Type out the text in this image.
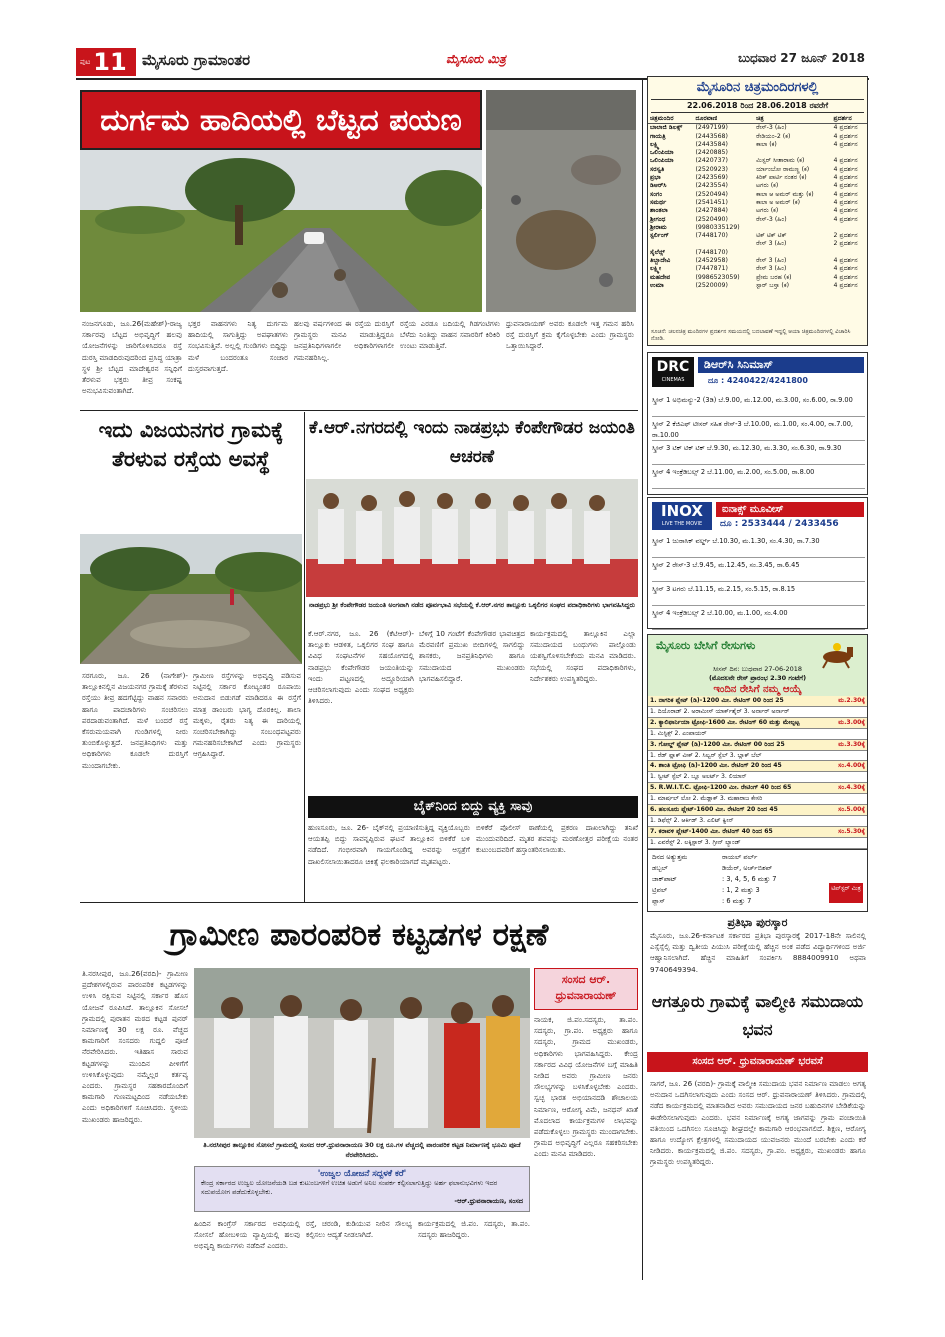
ಪುಟ 11 ಮೈಸೂರು ಗ್ರಾಮಾಂತರ	ಮೈಸೂರು ಮಿತ್ರ	ಬುಧವಾರ 27 ಜೂನ್ 2018
ದುರ್ಗಮ ಹಾದಿಯಲ್ಲಿ ಬೆಟ್ಟದ ಪಯಣ
ನಂಜನಗೂಡು, ಜೂ.26(ಮಹೇಶ್)-ರಾಜ್ಯ ಸರ್ಕಾರವು ಬೆಟ್ಟದ ಅಭಿವೃದ್ಧಿಗೆ ಹಲವು ಯೋಜನೆಗಳನ್ನು ಜಾರಿಗೊಳಿಸಿದರೂ ರಸ್ತೆ ದುರಸ್ತಿ ಮಾಡದಿರುವುದರಿಂದ ಪ್ರಸಿದ್ಧ ಯಾತ್ರಾ ಸ್ಥಳ ಶ್ರೀ ಬೆಟ್ಟದ ಮಾದೇಶ್ವರನ ಸನ್ನಿಧಿಗೆ ತೆರಳುವ ಭಕ್ತರು ತೀವ್ರ ಸಂಕಷ್ಟ ಅನುಭವಿಸುವಂತಾಗಿದೆ.
ಭಕ್ತರ ವಾಹನಗಳು ನಿತ್ಯ ದುರ್ಗಮ ಹಾದಿಯಲ್ಲಿ ಸಾಗುತ್ತಿದ್ದು ಅಪಘಾತಗಳು ಸಂಭವಿಸುತ್ತಿವೆ. ಅಲ್ಲಲ್ಲಿ ಗುಂಡಿಗಳು ಬಿದ್ದಿದ್ದು ಮಳೆ ಬಂದರಂತೂ ಸಂಚಾರ ದುಸ್ತರವಾಗುತ್ತದೆ.
ಹಲವು ವರ್ಷಗಳಿಂದ ಈ ರಸ್ತೆಯ ದುರಸ್ತಿಗೆ ಗ್ರಾಮಸ್ಥರು ಮನವಿ ಮಾಡುತ್ತಿದ್ದರೂ ಜನಪ್ರತಿನಿಧಿಗಳಾಗಲೀ ಅಧಿಕಾರಿಗಳಾಗಲೀ ಗಮನಹರಿಸಿಲ್ಲ.
ರಸ್ತೆಯ ಎರಡೂ ಬದಿಯಲ್ಲಿ ಗಿಡಗಂಟಿಗಳು ಬೆಳೆದು ನಿಂತಿದ್ದು ವಾಹನ ಸವಾರರಿಗೆ ಕಿರಿಕಿರಿ ಉಂಟು ಮಾಡುತ್ತಿವೆ.
ಧ್ರುವನಾರಾಯಣ್ ಅವರು ಕೂಡಲೇ ಇತ್ತ ಗಮನ ಹರಿಸಿ ರಸ್ತೆ ದುರಸ್ತಿಗೆ ಕ್ರಮ ಕೈಗೊಳ್ಳಬೇಕು ಎಂದು ಗ್ರಾಮಸ್ಥರು ಒತ್ತಾಯಿಸಿದ್ದಾರೆ.
ಮೈಸೂರಿನ ಚಿತ್ರಮಂದಿರಗಳಲ್ಲಿ
22.06.2018 ರಿಂದ 28.06.2018 ರವರೆಗೆ
ಚಿತ್ರಮಂದಿರ	ದೂರವಾಣಿ	ಚಿತ್ರ	ಪ್ರದರ್ಶನ
ಬಾಲಾಜಿ ಡಿಲಕ್ಸ್	(2497199)	ರೇಸ್-3 (ಹಿಂ)	4 ಪ್ರದರ್ಶನ
ಗಾಯತ್ರಿ	(2443568)	ರೇಡಿಯಂ-2 (ಕ)	4 ಪ್ರದರ್ಶನ
ಲಕ್ಷ್ಮಿ	(2443584)	ಕಾಲಾ (ಕ)	4 ಪ್ರದರ್ಶನ
ಒಲಿಂಪಿಯಾ	(2420885)		
ಒಲಿಂಪಿಯಾ	(2420737)	ಮಿಸ್ಟರ್ ಸೀತಾರಾಮ (ಕ)	4 ಪ್ರದರ್ಶನ
ಸರಸ್ವತಿ	(2520923)	ರ್ಯಾಂಬೋ ರಾಮಣ್ಣ (ಕ)	4 ಪ್ರದರ್ಶನ
ಪ್ರಭಾ	(2423569)	ಕಿರಿಕ್ ಪಾರ್ಟಿ ನಂತರ (ಕ)	4 ಪ್ರದರ್ಶನ
ಡಿಆರ್‌ಸಿ	(2423554)	ಟಗರು (ಕ)	4 ಪ್ರದರ್ಶನ
ಸಂಗಂ	(2520494)	ಕಾಲಾ ಆ ಅಮರ್ ಮತ್ತು (ಕ)	4 ಪ್ರದರ್ಶನ
ಸಮರ್ಥ	(2541451)	ಕಾಲಾ ಅ ಅಮರ್ (ಕ)	4 ಪ್ರದರ್ಶನ
ಶಾಂತಲಾ	(2427884)	ಟಗರು (ಕ)	4 ಪ್ರದರ್ಶನ
ಶ್ರೀಗಂಧ	(2520490)	ರೇಸ್-3 (ಹಿಂ)	4 ಪ್ರದರ್ಶನ
ಶ್ರೀರಾಮ	(9980335129)		
ಸ್ಟರ್ಲಿಂಗ್	(7448170)	ಟಿಕ್ ಟಿಕ್ ಟಿಕ್	2 ಪ್ರದರ್ಶನ
		ರೇಸ್ 3 (ಹಿಂ)	2 ಪ್ರದರ್ಶನ
ಸೈಲೆನ್ಸ್	(7448170)		
ತಿಬ್ಬಾದೇವಿ	(2452958)	ರೇಸ್ 3 (ಹಿಂ)	4 ಪ್ರದರ್ಶನ
ಲಕ್ಷ್ಮೀ	(7447871)	ರೇಸ್ 3 (ಹಿಂ)	4 ಪ್ರದರ್ಶನ
ಮಹದೇವ	(9986523059)	ಪ್ರೇಮ ಬರಹ (ಕ)	4 ಪ್ರದರ್ಶನ
ಉಮಾ	(2520009)	ಸ್ಟಾರ್ ಬಸ್ತಾ (ಕ)	4 ಪ್ರದರ್ಶನ
ಸೂಚನೆ: ಚಲನಚಿತ್ರ ಮಂದಿರಗಳ ಪ್ರದರ್ಶನ ಸಮಯದಲ್ಲಿ ಬದಲಾವಣೆ ಇದ್ದಲ್ಲಿ ಆಯಾ ಚಿತ್ರಮಂದಿರಗಳಲ್ಲಿ ವಿಚಾರಿಸಿ ನೋಡಿ.
DRC
CINEMAS
ಡಿಆರ್‌ಸಿ ಸಿನಿಮಾಸ್
ದೂ : 4240422/4241800
ಸ್ಕ್ರೀನ್ 1 ಅಭಿಮನ್ಯು-2 (3ಡಿ) ಬೆ.9.00, ಮ.12.00, ಮ.3.00, ಸಂ.6.00, ರಾ.9.00
ಸ್ಕ್ರೀನ್ 2 ಕೆಜಿಎಫ್ ಟೀಸರ್ ಸಹಿತ ರೇಸ್-3 ಬೆ.10.00, ಮ.1.00, ಸಂ.4.00, ರಾ.7.00, ರಾ.10.00
ಸ್ಕ್ರೀನ್ 3 ಟಿಕ್ ಟಿಕ್ ಟಿಕ್ ಬೆ.9.30, ಮ.12.30, ಮ.3.30, ಸಂ.6.30, ರಾ.9.30
ಸ್ಕ್ರೀನ್ 4 ಇಂಕ್ರೆಡಿಬಲ್ಸ್ 2 ಬೆ.11.00, ಮ.2.00, ಸಂ.5.00, ರಾ.8.00
INOX
LIVE THE MOVIE
ಐನಾಕ್ಸ್ ಮೂವೀಸ್
ದೂ : 2533444 / 2433456
ಸ್ಕ್ರೀನ್ 1 ಜುರಾಸಿಕ್ ವರ್ಲ್ಡ್ ಬೆ.10.30, ಮ.1.30, ಸಂ.4.30, ರಾ.7.30
ಸ್ಕ್ರೀನ್ 2 ರೇಸ್-3 ಬೆ.9.45, ಮ.12.45, ಸಂ.3.45, ರಾ.6.45
ಸ್ಕ್ರೀನ್ 3 ಟಗರು ಬೆ.11.15, ಮ.2.15, ಸಂ.5.15, ರಾ.8.15
ಸ್ಕ್ರೀನ್ 4 ಇಂಕ್ರೆಡಿಬಲ್ಸ್ 2 ಬೆ.10.00, ಮ.1.00, ಸಂ.4.00
ಮೈಸೂರು ಬೇಸಿಗೆ ರೇಸುಗಳು
ಸೀಸನ್ ದಿನ: ಬುಧವಾರ 27-06-2018
(ಮೊದಲನೇ ರೇಸ್ ಪ್ರಾರಂಭ 2.30 ಗಂಟೆಗೆ)
ಇಂದಿನ ರೇಸಿಗೆ ನಮ್ಮ ಆಯ್ಕೆ
1. ನಾಗರಿಕ ಪ್ಲೇಟ್ (ಡಿ)-1200 ಮೀ. ರೇಟಿಂಗ್ 00 ರಿಂದ 25	ಮ.2.30ಕ್ಕೆ
1. ದಿಯೊರಾಡ್ 2. ಅರಾಮೀಸ್ ಯಾರ್ಕ್‌ಶೈರ್ 3. ಅರ್ನಾರ್ ಅರ್ನಾರ್	
2. ಕ್ಯಾಲಿಫಾರ್ನಿಯಾ ಟ್ರೋಫಿ-1600 ಮೀ. ರೇಟಿಂಗ್ 60 ಮತ್ತು ಮೇಲ್ಪಟ್ಟ	ಮ.3.00ಕ್ಕೆ
1. ಮಿಸ್ಟಿಕ್ಸ್ 2. ಎಂಪಾಯರ್	
3. ಗೋಲ್ಡ್ ಪ್ಲೇಟ್ (ಡಿ)-1200 ಮೀ. ರೇಟಿಂಗ್ 00 ರಿಂದ 25	ಮ.3.30ಕ್ಕೆ
1. ರೆಡ್ ಫ್ಲಾಕ್ ವೀಕ್ 2. ಸಿಲ್ವರ್ ಸ್ಪೆಲ್ 3. ಬ್ಲಾಕ್ ಬೆಲ್	
4. ಶಾಂತಿ ಟ್ರೋಫಿ (ಡಿ)-1200 ಮೀ. ರೇಟಿಂಗ್ 20 ರಿಂದ 45	ಸಂ.4.00ಕ್ಕೆ
1. ಸ್ವೀಟ್ ಸ್ಪೆಲ್ 2. ಬ್ಲೂ ಅಲರ್ಟ್ 3. ಲಿಯಾನ್	
5. R.W.I.T.C. ಟ್ರೋಫಿ-1200 ಮೀ. ರೇಟಿಂಗ್ 40 ರಿಂದ 65	ಸಂ.4.30ಕ್ಕೆ
1. ಮಾರ್ಷಲ್ ಲೋ 2. ಮೆಡ್ಲಾಕ್ 3. ಮಹಾರಾಜ ಕೇಸರಿ	
6. ಹಲಸೂರು ಪ್ಲೇಟ್-1600 ಮೀ. ರೇಟಿಂಗ್ 20 ರಿಂದ 45	ಸಂ.5.00ಕ್ಕೆ
1. ಡಿಫೆನ್ಸ್ 2. ಆರ್ಕಿಡ್ 3. ಎಲಿಟ್ ಕ್ವೀನ್	
7. ಕರಾವಳಿ ಪ್ಲೇಟ್-1400 ಮೀ. ರೇಟಿಂಗ್ 40 ರಿಂದ 65	ಸಂ.5.30ಕ್ಕೆ
1. ಎವರೆಸ್ಟ್ 2. ಲಕ್ಕಿಸ್ಟಾರ್ 3. ಗ್ರೀನ್ ಲ್ಯಾಂಡ್	
ದಿನದ ಅತ್ಯುತ್ತಮ	ರಾಯಲ್ ಪರ್ಲ್
ಡಬ್ಬಲ್	ಡಿಯೆರ್, ಅರ್ಚ್‌ಬಿಶಪ್
ಜಾಕ್‌ಪಾಟ್	: 3, 4, 5, 6 ಮತ್ತು 7
ಟ್ರಿಪಲ್	: 1, 2 ಮತ್ತು 3
ಪ್ಲಾಸ್	: 6 ಮತ್ತು 7
ಟಿಪ್‌ಸ್ಟರ್ ಮಿತ್ರ
ಇದು ವಿಜಯನಗರ ಗ್ರಾಮಕ್ಕೆ ತೆರಳುವ ರಸ್ತೆಯ ಅವಸ್ಥೆ
ಸರಗೂರು, ಜೂ. 26 (ನಾಗೇಶ್)- ತಾಲ್ಲೂಕಿನಲ್ಲಿನ ವಿಜಯನಗರ ಗ್ರಾಮಕ್ಕೆ ತೆರಳುವ ರಸ್ತೆಯು ತೀವ್ರ ಹದಗೆಟ್ಟಿದ್ದು ವಾಹನ ಸವಾರರು ಹಾಗೂ ಪಾದಚಾರಿಗಳು ಸಂಚರಿಸಲು ಪರದಾಡುವಂತಾಗಿದೆ. ಮಳೆ ಬಂದರೆ ರಸ್ತೆ ಕೆಸರುಮಯವಾಗಿ ಗುಂಡಿಗಳಲ್ಲಿ ನೀರು ತುಂಬಿಕೊಳ್ಳುತ್ತದೆ. ಜನಪ್ರತಿನಿಧಿಗಳು ಮತ್ತು ಅಧಿಕಾರಿಗಳು ಕೂಡಲೇ ದುರಸ್ತಿಗೆ ಮುಂದಾಗಬೇಕು.
ಗ್ರಾಮೀಣ ರಸ್ತೆಗಳನ್ನು ಅಭಿವೃದ್ಧಿ ಪಡಿಸುವ ನಿಟ್ಟಿನಲ್ಲಿ ಸರ್ಕಾರ ಕೋಟ್ಯಂತರ ರೂಪಾಯಿ ಅನುದಾನ ಬಿಡುಗಡೆ ಮಾಡಿದರೂ ಈ ರಸ್ತೆಗೆ ಮಾತ್ರ ಡಾಂಬರು ಭಾಗ್ಯ ದೊರಕಿಲ್ಲ. ಶಾಲಾ ಮಕ್ಕಳು, ರೈತರು ನಿತ್ಯ ಈ ದಾರಿಯಲ್ಲಿ ಸಂಚರಿಸಬೇಕಾಗಿದ್ದು ಸಂಬಂಧಪಟ್ಟವರು ಗಮನಹರಿಸಬೇಕಾಗಿದೆ ಎಂದು ಗ್ರಾಮಸ್ಥರು ಆಗ್ರಹಿಸಿದ್ದಾರೆ.
ಕೆ.ಆರ್.ನಗರದಲ್ಲಿ ಇಂದು ನಾಡಪ್ರಭು ಕೆಂಪೇಗೌಡರ ಜಯಂತಿ ಆಚರಣೆ
ನಾಡಪ್ರಭು ಶ್ರೀ ಕೆಂಪೇಗೌಡರ ಜಯಂತಿ ಅಂಗವಾಗಿ ನಡೆದ ಪೂರ್ವಭಾವಿ ಸಭೆಯಲ್ಲಿ ಕೆ.ಆರ್.ನಗರ ತಾಲ್ಲೂಕು ಒಕ್ಕಲಿಗರ ಸಂಘದ ಪದಾಧಿಕಾರಿಗಳು ಭಾಗವಹಿಸಿದ್ದರು
ಕೆ.ಆರ್.ನಗರ, ಜೂ. 26 (ಕೆಟಿಆರ್)- ತಾಲ್ಲೂಕು ಆಡಳಿತ, ಒಕ್ಕಲಿಗರ ಸಂಘ ಹಾಗೂ ವಿವಿಧ ಸಂಘಟನೆಗಳ ಸಹಯೋಗದಲ್ಲಿ ನಾಡಪ್ರಭು ಕೆಂಪೇಗೌಡರ ಜಯಂತಿಯನ್ನು ಇಂದು ಪಟ್ಟಣದಲ್ಲಿ ಅದ್ದೂರಿಯಾಗಿ ಆಚರಿಸಲಾಗುವುದು ಎಂದು ಸಂಘದ ಅಧ್ಯಕ್ಷರು ತಿಳಿಸಿದರು.
ಬೆಳಿಗ್ಗೆ 10 ಗಂಟೆಗೆ ಕೆಂಪೇಗೌಡರ ಭಾವಚಿತ್ರದ ಮೆರವಣಿಗೆ ಪ್ರಮುಖ ಬೀದಿಗಳಲ್ಲಿ ಸಾಗಲಿದ್ದು ಶಾಸಕರು, ಜನಪ್ರತಿನಿಧಿಗಳು ಹಾಗೂ ಸಮುದಾಯದ ಮುಖಂಡರು ಭಾಗವಹಿಸಲಿದ್ದಾರೆ.
ಕಾರ್ಯಕ್ರಮದಲ್ಲಿ ತಾಲ್ಲೂಕಿನ ಎಲ್ಲಾ ಸಮುದಾಯದ ಬಂಧುಗಳು ಪಾಲ್ಗೊಂಡು ಯಶಸ್ವಿಗೊಳಿಸಬೇಕೆಂದು ಮನವಿ ಮಾಡಿದರು. ಸಭೆಯಲ್ಲಿ ಸಂಘದ ಪದಾಧಿಕಾರಿಗಳು, ನಿರ್ದೇಶಕರು ಉಪಸ್ಥಿತರಿದ್ದರು.
ಬೈಕ್‌ನಿಂದ ಬಿದ್ದು ವ್ಯಕ್ತಿ ಸಾವು
ಹುಣಸೂರು, ಜೂ. 26- ಬೈಕ್‌ನಲ್ಲಿ ಪ್ರಯಾಣಿಸುತ್ತಿದ್ದ ವ್ಯಕ್ತಿಯೊಬ್ಬರು ಆಯತಪ್ಪಿ ಬಿದ್ದು ಸಾವನ್ನಪ್ಪಿರುವ ಘಟನೆ ತಾಲ್ಲೂಕಿನ ಬಿಳಿಕೆರೆ ಬಳಿ ನಡೆದಿದೆ. ಗಂಭೀರವಾಗಿ ಗಾಯಗೊಂಡಿದ್ದ ಅವರನ್ನು ಆಸ್ಪತ್ರೆಗೆ ದಾಖಲಿಸಲಾಯಿತಾದರೂ ಚಿಕಿತ್ಸೆ ಫಲಕಾರಿಯಾಗದೆ ಮೃತಪಟ್ಟರು.
ಬಿಳಿಕೆರೆ ಪೊಲೀಸ್ ಠಾಣೆಯಲ್ಲಿ ಪ್ರಕರಣ ದಾಖಲಾಗಿದ್ದು ತನಿಖೆ ಮುಂದುವರಿದಿದೆ. ಮೃತರ ಶವವನ್ನು ಮರಣೋತ್ತರ ಪರೀಕ್ಷೆಯ ನಂತರ ಕುಟುಂಬದವರಿಗೆ ಹಸ್ತಾಂತರಿಸಲಾಯಿತು.
ಗ್ರಾಮೀಣ ಪಾರಂಪರಿಕ ಕಟ್ಟಡಗಳ ರಕ್ಷಣೆ
ತಿ.ನರಸೀಪುರ, ಜೂ.26(ವರದಿ)- ಗ್ರಾಮೀಣ ಪ್ರದೇಶಗಳಲ್ಲಿರುವ ಪಾರಂಪರಿಕ ಕಟ್ಟಡಗಳನ್ನು ಉಳಿಸಿ ರಕ್ಷಿಸುವ ನಿಟ್ಟಿನಲ್ಲಿ ಸರ್ಕಾರ ಹೊಸ ಯೋಜನೆ ರೂಪಿಸಿದೆ. ತಾಲ್ಲೂಕಿನ ಸೋಸಲೆ ಗ್ರಾಮದಲ್ಲಿ ಪುರಾತನ ಮಠದ ಕಟ್ಟಡ ಪುನರ್ ನಿರ್ಮಾಣಕ್ಕೆ 30 ಲಕ್ಷ ರೂ. ವೆಚ್ಚದ ಕಾಮಗಾರಿಗೆ ಸಂಸದರು ಗುದ್ದಲಿ ಪೂಜೆ ನೆರವೇರಿಸಿದರು. ಇತಿಹಾಸ ಸಾರುವ ಕಟ್ಟಡಗಳನ್ನು ಮುಂದಿನ ಪೀಳಿಗೆಗೆ ಉಳಿಸಿಕೊಳ್ಳುವುದು ನಮ್ಮೆಲ್ಲರ ಕರ್ತವ್ಯ ಎಂದರು. ಗ್ರಾಮಸ್ಥರ ಸಹಕಾರದೊಂದಿಗೆ ಕಾಮಗಾರಿ ಗುಣಮಟ್ಟದಿಂದ ನಡೆಯಬೇಕು ಎಂದು ಅಧಿಕಾರಿಗಳಿಗೆ ಸೂಚಿಸಿದರು. ಸ್ಥಳೀಯ ಮುಖಂಡರು ಹಾಜರಿದ್ದರು.
ತಿ.ನರಸೀಪುರ ತಾಲ್ಲೂಕಿನ ಸೋಸಲೆ ಗ್ರಾಮದಲ್ಲಿ ಸಂಸದ ಆರ್.ಧ್ರುವನಾರಾಯಣ 30 ಲಕ್ಷ ರೂ.ಗಳ ವೆಚ್ಚದಲ್ಲಿ ಪಾರಂಪರಿಕ ಕಟ್ಟಡ ನಿರ್ಮಾಣಕ್ಕೆ ಭೂಮಿ ಪೂಜೆ ನೆರವೇರಿಸಿದರು.
'ಉಜ್ವಲ ಯೋಜನೆ ಸದ್ಬಳಕೆ ಕರೆ'
ಕೇಂದ್ರ ಸರ್ಕಾರದ ಉಜ್ವಲ ಯೋಜನೆಯಡಿ ಬಡ ಕುಟುಂಬಗಳಿಗೆ ಉಚಿತ ಅಡುಗೆ ಅನಿಲ ಸಂಪರ್ಕ ಕಲ್ಪಿಸಲಾಗುತ್ತಿದ್ದು ಅರ್ಹ ಫಲಾನುಭವಿಗಳು ಇದರ ಸದುಪಯೋಗ ಪಡೆದುಕೊಳ್ಳಬೇಕು.
-ಆರ್.ಧ್ರುವನಾರಾಯಣ, ಸಂಸದ
ಹಿಂದಿನ ಕಾಂಗ್ರೆಸ್ ಸರ್ಕಾರದ ಅವಧಿಯಲ್ಲಿ ಸೋಸಲೆ ಹೋಬಳಿಯ ವ್ಯಾಪ್ತಿಯಲ್ಲಿ ಹಲವು ಅಭಿವೃದ್ಧಿ ಕಾರ್ಯಗಳು ನಡೆದಿವೆ ಎಂದರು.
ರಸ್ತೆ, ಚರಂಡಿ, ಕುಡಿಯುವ ನೀರಿನ ಸೌಲಭ್ಯ ಕಲ್ಪಿಸಲು ಆದ್ಯತೆ ನೀಡಲಾಗಿದೆ.
ಕಾರ್ಯಕ್ರಮದಲ್ಲಿ ಜಿ.ಪಂ. ಸದಸ್ಯರು, ತಾ.ಪಂ. ಸದಸ್ಯರು ಹಾಜರಿದ್ದರು.
ಸಂಸದ ಆರ್. ಧ್ರುವನಾರಾಯಣ್
ನಾಯಕ, ಜಿ.ಪಂ.ಸದಸ್ಯರು, ತಾ.ಪಂ. ಸದಸ್ಯರು, ಗ್ರಾ.ಪಂ. ಅಧ್ಯಕ್ಷರು ಹಾಗೂ ಸದಸ್ಯರು, ಗ್ರಾಮದ ಮುಖಂಡರು, ಅಧಿಕಾರಿಗಳು ಭಾಗವಹಿಸಿದ್ದರು. ಕೇಂದ್ರ ಸರ್ಕಾರದ ವಿವಿಧ ಯೋಜನೆಗಳ ಬಗ್ಗೆ ಮಾಹಿತಿ ನೀಡಿದ ಅವರು ಗ್ರಾಮೀಣ ಜನರು ಸೌಲಭ್ಯಗಳನ್ನು ಬಳಸಿಕೊಳ್ಳಬೇಕು ಎಂದರು. ಸ್ವಚ್ಛ ಭಾರತ ಅಭಿಯಾನದಡಿ ಶೌಚಾಲಯ ನಿರ್ಮಾಣ, ಆರೋಗ್ಯ ವಿಮೆ, ಜನಧನ್ ಖಾತೆ ಮೊದಲಾದ ಕಾರ್ಯಕ್ರಮಗಳ ಲಾಭವನ್ನು ಪಡೆದುಕೊಳ್ಳಲು ಗ್ರಾಮಸ್ಥರು ಮುಂದಾಗಬೇಕು. ಗ್ರಾಮದ ಅಭಿವೃದ್ಧಿಗೆ ಎಲ್ಲರೂ ಸಹಕರಿಸಬೇಕು ಎಂದು ಮನವಿ ಮಾಡಿದರು.
ಪ್ರತಿಭಾ ಪುರಸ್ಕಾರ
ಮೈಸೂರು, ಜೂ.26-ಕರ್ನಾಟಕ ಸರ್ಕಾರದ ಪ್ರತಿಭಾ ಪುರಸ್ಕಾರಕ್ಕೆ 2017-18ನೇ ಸಾಲಿನಲ್ಲಿ ಎಸ್ಸೆಸ್ಸೆಲ್ಸಿ ಮತ್ತು ದ್ವಿತೀಯ ಪಿಯುಸಿ ಪರೀಕ್ಷೆಯಲ್ಲಿ ಹೆಚ್ಚಿನ ಅಂಕ ಪಡೆದ ವಿದ್ಯಾರ್ಥಿಗಳಿಂದ ಅರ್ಜಿ ಆಹ್ವಾನಿಸಲಾಗಿದೆ. ಹೆಚ್ಚಿನ ಮಾಹಿತಿಗೆ ಸಂಪರ್ಕಿಸಿ 8884009910 ಅಥವಾ 9740649394.
ಆಗತ್ತೂರು ಗ್ರಾಮಕ್ಕೆ ವಾಲ್ಮೀಕಿ ಸಮುದಾಯ ಭವನ
ಸಂಸದ ಆರ್. ಧ್ರುವನಾರಾಯಣ್ ಭರವಸೆ
ಸಾಗರೆ, ಜೂ. 26 (ವರದಿ)- ಗ್ರಾಮಕ್ಕೆ ವಾಲ್ಮೀಕಿ ಸಮುದಾಯ ಭವನ ನಿರ್ಮಾಣ ಮಾಡಲು ಅಗತ್ಯ ಅನುದಾನ ಒದಗಿಸಲಾಗುವುದು ಎಂದು ಸಂಸದ ಆರ್. ಧ್ರುವನಾರಾಯಣ್ ತಿಳಿಸಿದರು. ಗ್ರಾಮದಲ್ಲಿ ನಡೆದ ಕಾರ್ಯಕ್ರಮದಲ್ಲಿ ಮಾತನಾಡಿದ ಅವರು ಸಮುದಾಯದ ಜನರ ಬಹುದಿನಗಳ ಬೇಡಿಕೆಯನ್ನು ಈಡೇರಿಸಲಾಗುವುದು ಎಂದರು. ಭವನ ನಿರ್ಮಾಣಕ್ಕೆ ಅಗತ್ಯ ಜಾಗವನ್ನು ಗ್ರಾಮ ಪಂಚಾಯಿತಿ ವತಿಯಿಂದ ಒದಗಿಸಲು ಸೂಚಿಸಿದ್ದು ಶೀಘ್ರದಲ್ಲೇ ಕಾಮಗಾರಿ ಆರಂಭವಾಗಲಿದೆ. ಶಿಕ್ಷಣ, ಆರೋಗ್ಯ ಹಾಗೂ ಉದ್ಯೋಗ ಕ್ಷೇತ್ರಗಳಲ್ಲಿ ಸಮುದಾಯದ ಯುವಜನರು ಮುಂದೆ ಬರಬೇಕು ಎಂದು ಕರೆ ನೀಡಿದರು. ಕಾರ್ಯಕ್ರಮದಲ್ಲಿ ಜಿ.ಪಂ. ಸದಸ್ಯರು, ಗ್ರಾ.ಪಂ. ಅಧ್ಯಕ್ಷರು, ಮುಖಂಡರು ಹಾಗೂ ಗ್ರಾಮಸ್ಥರು ಉಪಸ್ಥಿತರಿದ್ದರು.
